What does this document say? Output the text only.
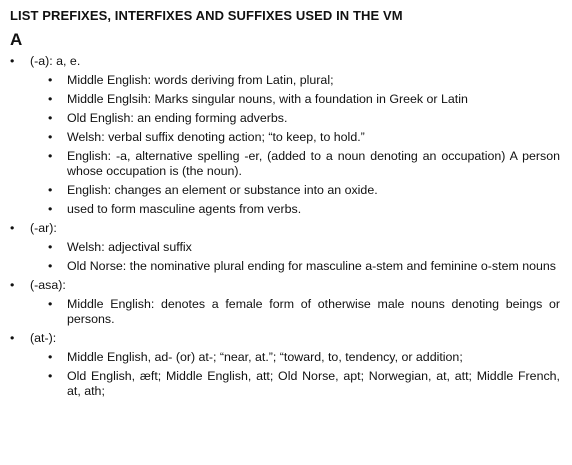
LIST PREFIXES, INTERFIXES AND SUFFIXES USED IN THE VM
A
• (-a): a, e.
• Middle English: words deriving from Latin, plural;
• Middle Englsih: Marks singular nouns, with a foundation in Greek or Latin
• Old English: an ending forming adverbs.
• Welsh: verbal suffix denoting action; “to keep, to hold.”
• English: -a, alternative spelling -er, (added to a noun denoting an occupation) A person whose occupation is (the noun).
• English: changes an element or substance into an oxide.
• used to form masculine agents from verbs.
• (-ar):
• Welsh: adjectival suffix
• Old Norse: the nominative plural ending for masculine a-stem and feminine o-stem nouns
• (-asa):
• Middle English: denotes a female form of otherwise male nouns denoting beings or persons.
• (at-):
• Middle English, ad- (or) at-; “near, at.”; “toward, to, tendency, or addition;
• Old English, æft; Middle English, att; Old Norse, apt; Norwegian, at, att; Middle French, at, ath;
